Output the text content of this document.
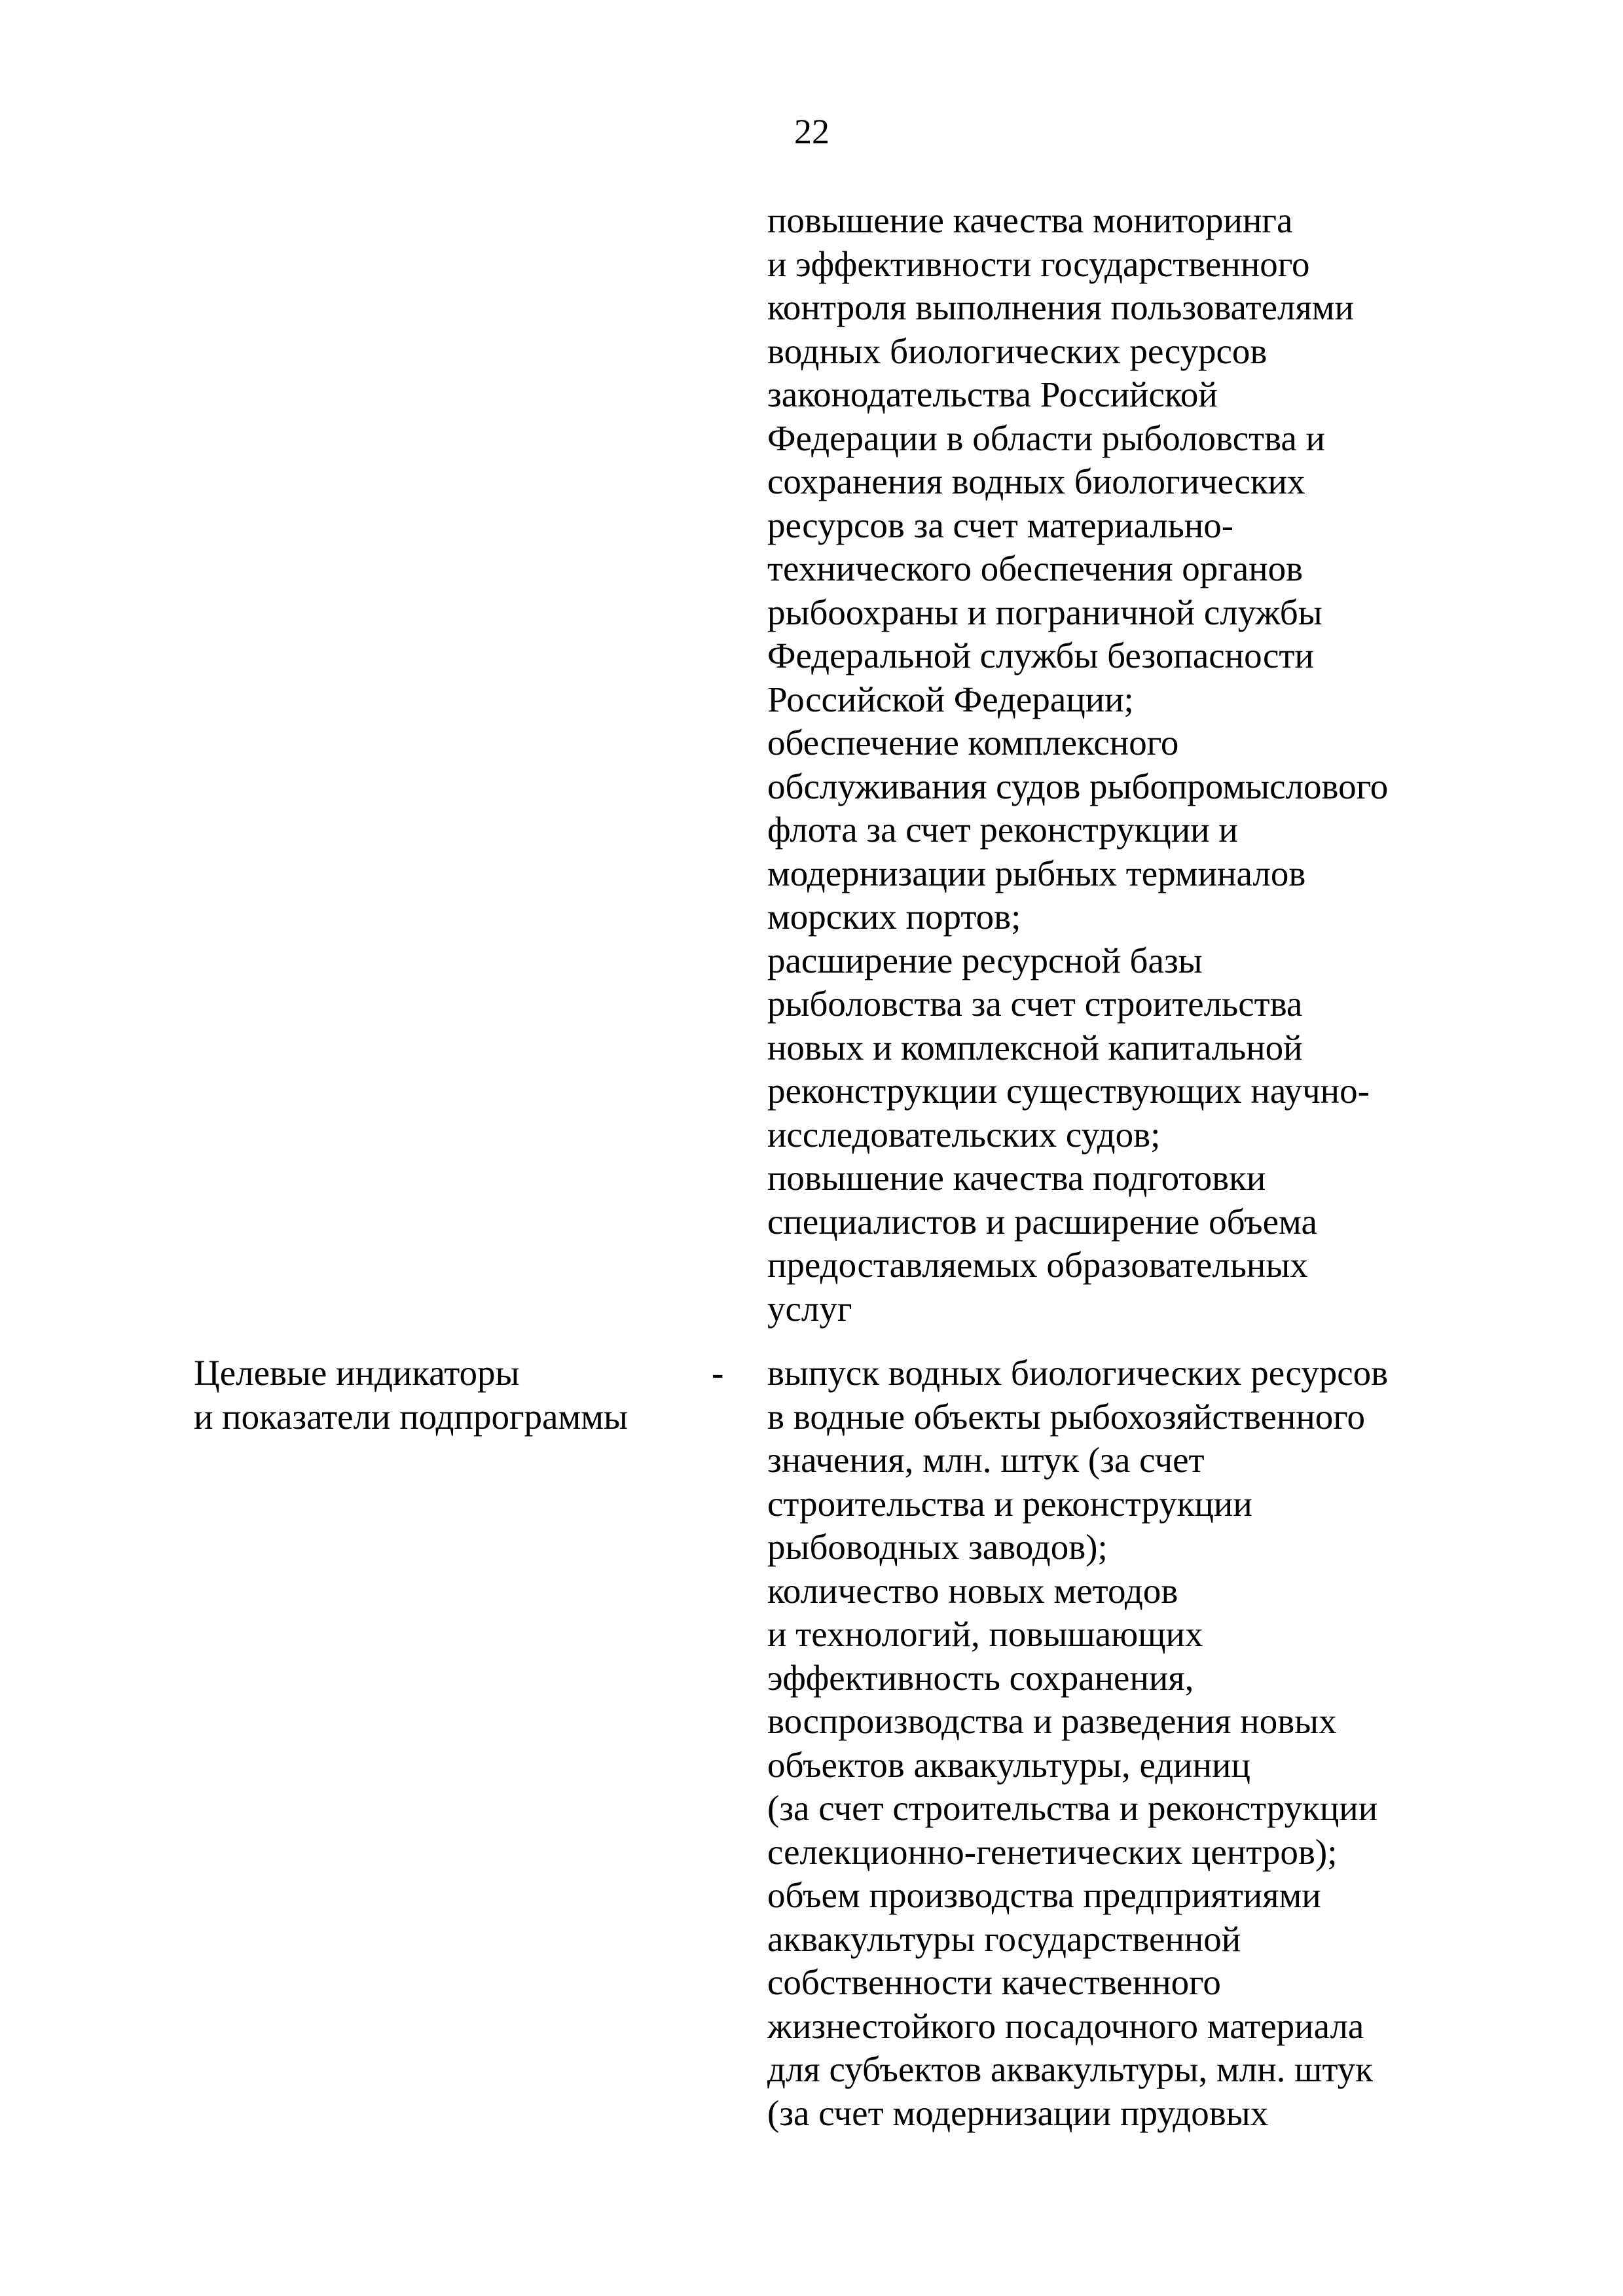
22
повышение качества мониторинга
и эффективности государственного
контроля выполнения пользователями
водных биологических ресурсов
законодательства Российской
Федерации в области рыболовства и
сохранения водных биологических
ресурсов за счет материально-
технического обеспечения органов
рыбоохраны и пограничной службы
Федеральной службы безопасности
Российской Федерации;
обеспечение комплексного
обслуживания судов рыбопромыслового
флота за счет реконструкции и
модернизации рыбных терминалов
морских портов;
расширение ресурсной базы
рыболовства за счет строительства
новых и комплексной капитальной
реконструкции существующих научно-
исследовательских судов;
повышение качества подготовки
специалистов и расширение объема
предоставляемых образовательных
услуг
Целевые индикаторы
и показатели подпрограммы
- выпуск водных биологических ресурсов
в водные объекты рыбохозяйственного
значения, млн. штук (за счет
строительства и реконструкции
рыбоводных заводов);
количество новых методов
и технологий, повышающих
эффективность сохранения,
воспроизводства и разведения новых
объектов аквакультуры, единиц
(за счет строительства и реконструкции
селекционно-генетических центров);
объем производства предприятиями
аквакультуры государственной
собственности качественного
жизнестойкого посадочного материала
для субъектов аквакультуры, млн. штук
(за счет модернизации прудовых
